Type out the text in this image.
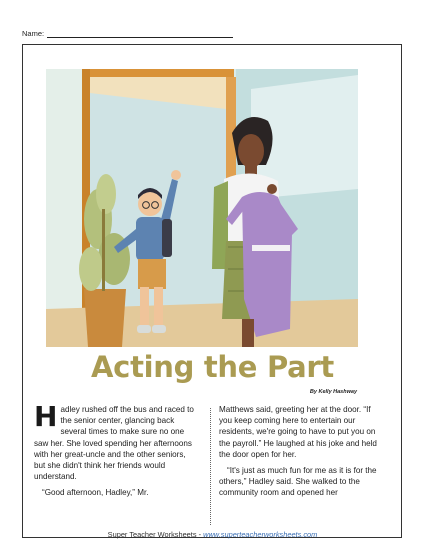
Name:
Acting the Part
By Kelly Hashway

Hadley rushed off the bus and raced to the senior center, glancing back several times to make sure no one saw her. She loved spending her afternoons with her great-uncle and the other seniors, but she didn't think her friends would understand.

“Good afternoon, Hadley,” Mr.

Matthews said, greeting her at the door. “If you keep coming here to entertain our residents, we're going to have to put you on the payroll.” He laughed at his joke and held the door open for her.

“It's just as much fun for me as it is for the others,” Hadley said. She walked to the community room and opened her

Super Teacher Worksheets - www.superteacherworksheets.com
